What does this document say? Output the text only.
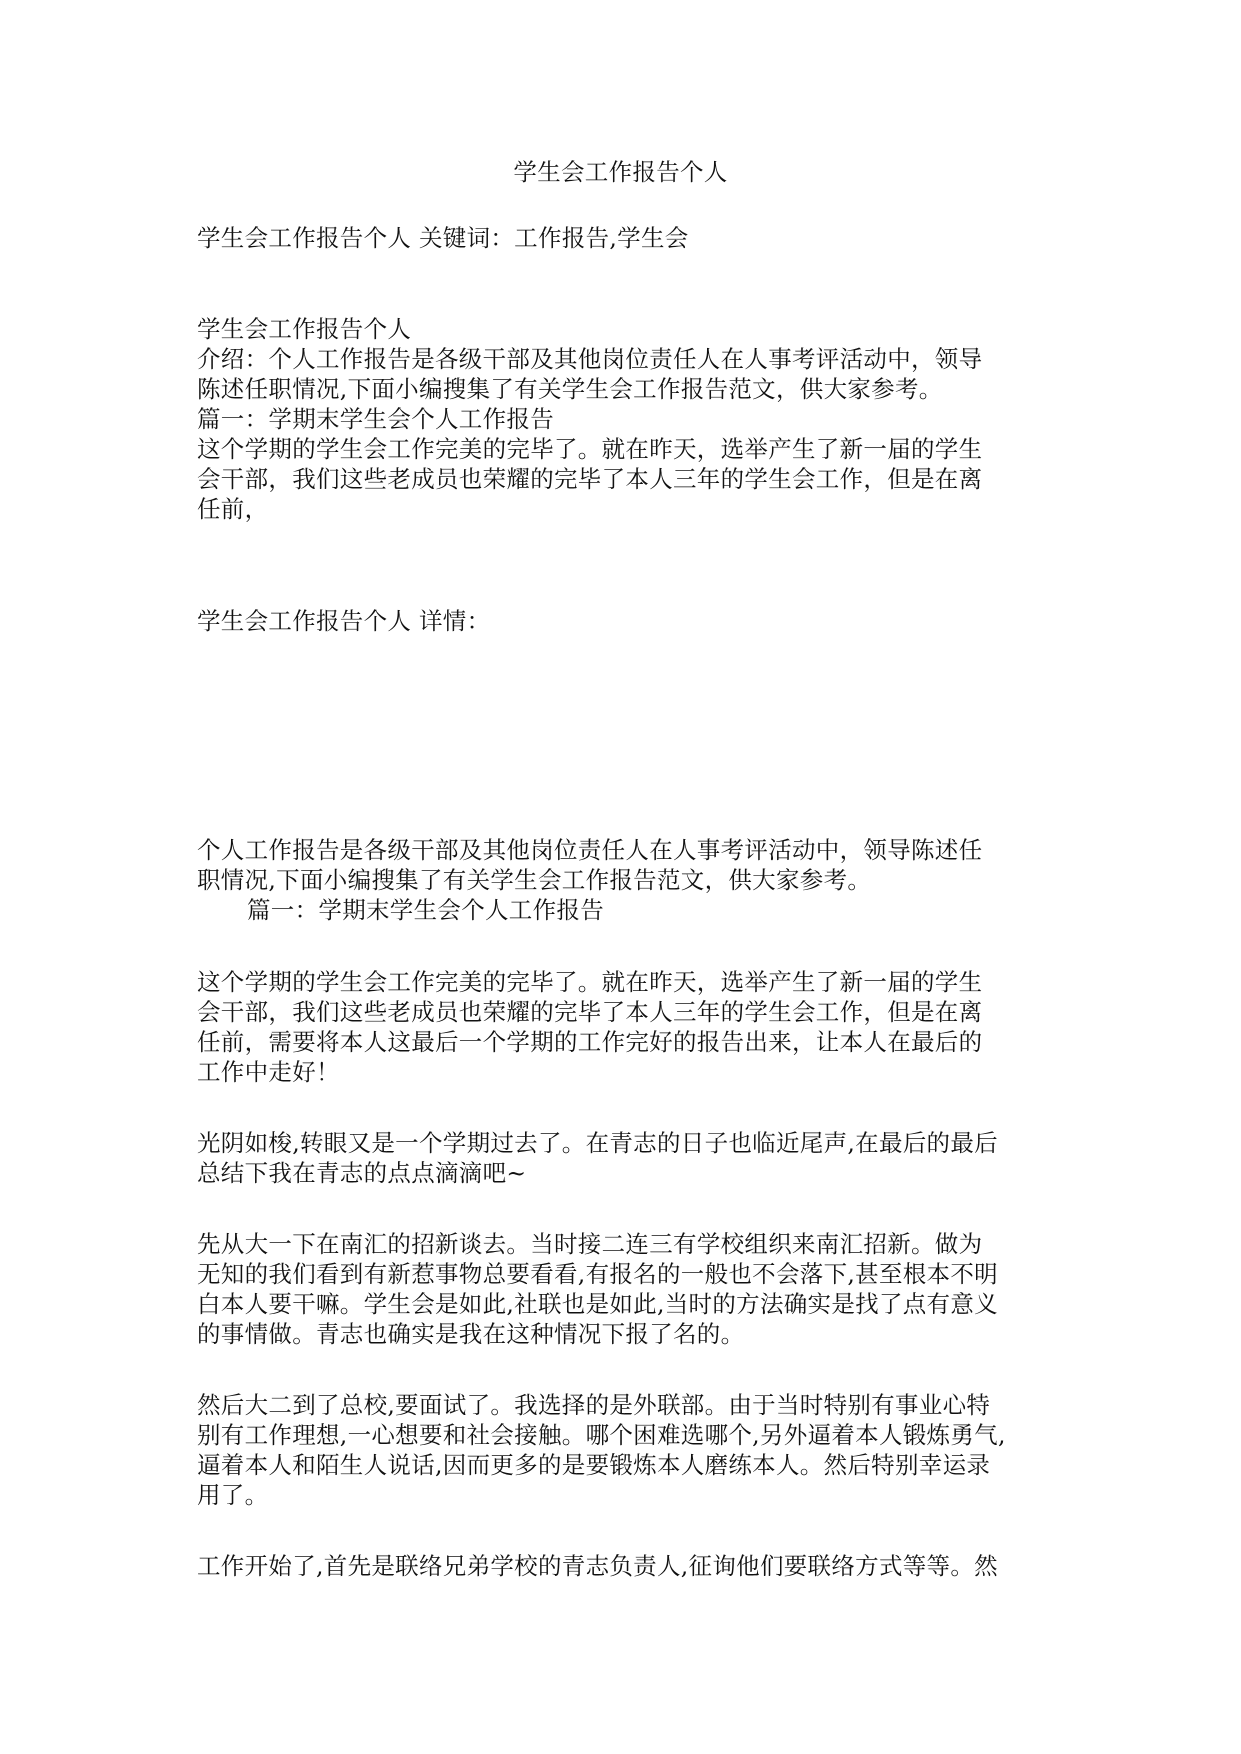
学生会工作报告个人

学生会工作报告个人 关键词：工作报告,学生会

学生会工作报告个人

介绍：个人工作报告是各级干部及其他岗位责任人在人事考评活动中，领导

陈述任职情况,下面小编搜集了有关学生会工作报告范文，供大家参考。

篇一：学期末学生会个人工作报告

这个学期的学生会工作完美的完毕了。就在昨天，选举产生了新一届的学生

会干部，我们这些老成员也荣耀的完毕了本人三年的学生会工作，但是在离

任前，

学生会工作报告个人 详情：

个人工作报告是各级干部及其他岗位责任人在人事考评活动中，领导陈述任

职情况,下面小编搜集了有关学生会工作报告范文，供大家参考。

篇一：学期末学生会个人工作报告

这个学期的学生会工作完美的完毕了。就在昨天，选举产生了新一届的学生

会干部，我们这些老成员也荣耀的完毕了本人三年的学生会工作，但是在离

任前，需要将本人这最后一个学期的工作完好的报告出来，让本人在最后的

工作中走好！

光阴如梭,转眼又是一个学期过去了。在青志的日子也临近尾声,在最后的最后

总结下我在青志的点点滴滴吧~

先从大一下在南汇的招新谈去。当时接二连三有学校组织来南汇招新。做为

无知的我们看到有新惹事物总要看看,有报名的一般也不会落下,甚至根本不明

白本人要干嘛。学生会是如此,社联也是如此,当时的方法确实是找了点有意义

的事情做。青志也确实是我在这种情况下报了名的。

然后大二到了总校,要面试了。我选择的是外联部。由于当时特别有事业心特

别有工作理想,一心想要和社会接触。哪个困难选哪个,另外逼着本人锻炼勇气,

逼着本人和陌生人说话,因而更多的是要锻炼本人磨练本人。然后特别幸运录

用了。

工作开始了,首先是联络兄弟学校的青志负责人,征询他们要联络方式等等。然
